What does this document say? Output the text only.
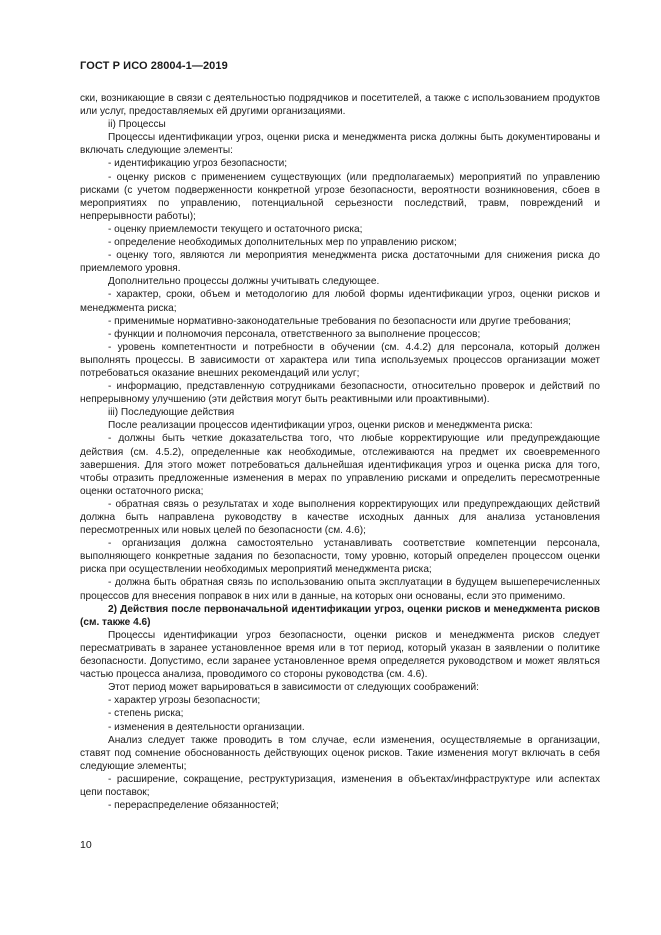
ГОСТ Р ИСО 28004-1—2019

ски, возникающие в связи с деятельностью подрядчиков и посетителей, а также с использованием продуктов или услуг, предоставляемых ей другими организациями.

ii) Процессы

Процессы идентификации угроз, оценки риска и менеджмента риска должны быть документированы и включать следующие элементы:

- идентификацию угроз безопасности;

- оценку рисков с применением существующих (или предполагаемых) мероприятий по управлению рисками (с учетом подверженности конкретной угрозе безопасности, вероятности возникновения, сбоев в мероприятиях по управлению, потенциальной серьезности последствий, травм, повреждений и непрерывности работы);

- оценку приемлемости текущего и остаточного риска;

- определение необходимых дополнительных мер по управлению риском;

- оценку того, являются ли мероприятия менеджмента риска достаточными для снижения риска до приемлемого уровня.

Дополнительно процессы должны учитывать следующее.

- характер, сроки, объем и методологию для любой формы идентификации угроз, оценки рисков и менеджмента риска;

- применимые нормативно-законодательные требования по безопасности или другие требования;

- функции и полномочия персонала, ответственного за выполнение процессов;

- уровень компетентности и потребности в обучении (см. 4.4.2) для персонала, который должен выполнять процессы. В зависимости от характера или типа используемых процессов организации может потребоваться оказание внешних рекомендаций или услуг;

- информацию, представленную сотрудниками безопасности, относительно проверок и действий по непрерывному улучшению (эти действия могут быть реактивными или проактивными).

iii) Последующие действия

После реализации процессов идентификации угроз, оценки рисков и менеджмента риска:

- должны быть четкие доказательства того, что любые корректирующие или предупреждающие действия (см. 4.5.2), определенные как необходимые, отслеживаются на предмет их своевременного завершения. Для этого может потребоваться дальнейшая идентификация угроз и оценка риска для того, чтобы отразить предложенные изменения в мерах по управлению рисками и определить пересмотренные оценки остаточного риска;

- обратная связь о результатах и ходе выполнения корректирующих или предупреждающих действий должна быть направлена руководству в качестве исходных данных для анализа установления пересмотренных или новых целей по безопасности (см. 4.6);

- организация должна самостоятельно устанавливать соответствие компетенции персонала, выполняющего конкретные задания по безопасности, тому уровню, который определен процессом оценки риска при осуществлении необходимых мероприятий менеджмента риска;

- должна быть обратная связь по использованию опыта эксплуатации в будущем вышеперечисленных процессов для внесения поправок в них или в данные, на которых они основаны, если это применимо.

2) Действия после первоначальной идентификации угроз, оценки рисков и менеджмента рисков (см. также 4.6)

Процессы идентификации угроз безопасности, оценки рисков и менеджмента рисков следует пересматривать в заранее установленное время или в тот период, который указан в заявлении о политике безопасности. Допустимо, если заранее установленное время определяется руководством и может являться частью процесса анализа, проводимого со стороны руководства (см. 4.6).

Этот период может варьироваться в зависимости от следующих соображений:

- характер угрозы безопасности;

- степень риска;

- изменения в деятельности организации.

Анализ следует также проводить в том случае, если изменения, осуществляемые в организации, ставят под сомнение обоснованность действующих оценок рисков. Такие изменения могут включать в себя следующие элементы;

- расширение, сокращение, реструктуризация, изменения в объектах/инфраструктуре или аспектах цепи поставок;

- перераспределение обязанностей;

10
